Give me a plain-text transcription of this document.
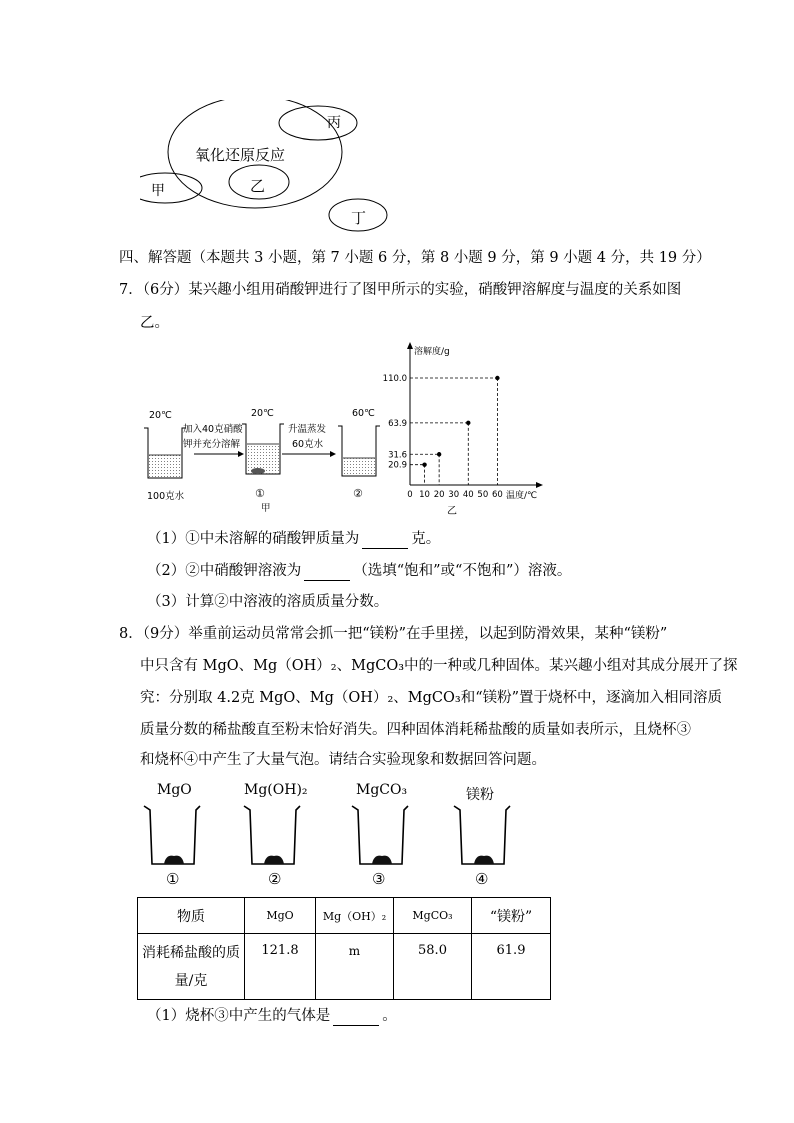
氧化还原反应
丙
乙
甲
丁
四、解答题（本题共 3 小题，第 7 小题 6 分，第 8 小题 9 分，第 9 小题 4 分，共 19 分）
7．（6分）某兴趣小组用硝酸钾进行了图甲所示的实验，硝酸钾溶解度与温度的关系如图
乙。
20℃	20℃	60℃
加入40克硝酸
钾并充分溶解
升温蒸发
60克水
100克水	①	②
甲
0 10 20 30 40 50 60
110.0
63.9
31.6
20.9
溶解度/g
温度/℃
乙
（1）①中未溶解的硝酸钾质量为	克。
（2）②中硝酸钾溶液为	（选填“饱和”或“不饱和”）溶液。
（3）计算②中溶液的溶质质量分数。
8．（9分）举重前运动员常常会抓一把“镁粉”在手里搓，以起到防滑效果，某种“镁粉”
中只含有 MgO、Mg（OH）₂、MgCO₃中的一种或几种固体。某兴趣小组对其成分展开了探
究：分别取 4.2克 MgO、Mg（OH）₂、MgCO₃和“镁粉”置于烧杯中，逐滴加入相同溶质
质量分数的稀盐酸直至粉末恰好消失。四种固体消耗稀盐酸的质量如表所示，且烧杯③
和烧杯④中产生了大量气泡。请结合实验现象和数据回答问题。
MgO	Mg(OH)₂	MgCO₃	镁粉
①	②	③	④
物质	MgO	Mg（OH）₂	MgCO₃	“镁粉”
消耗稀盐酸的质
量/克	121.8	m	58.0	61.9
（1）烧杯③中产生的气体是	。
